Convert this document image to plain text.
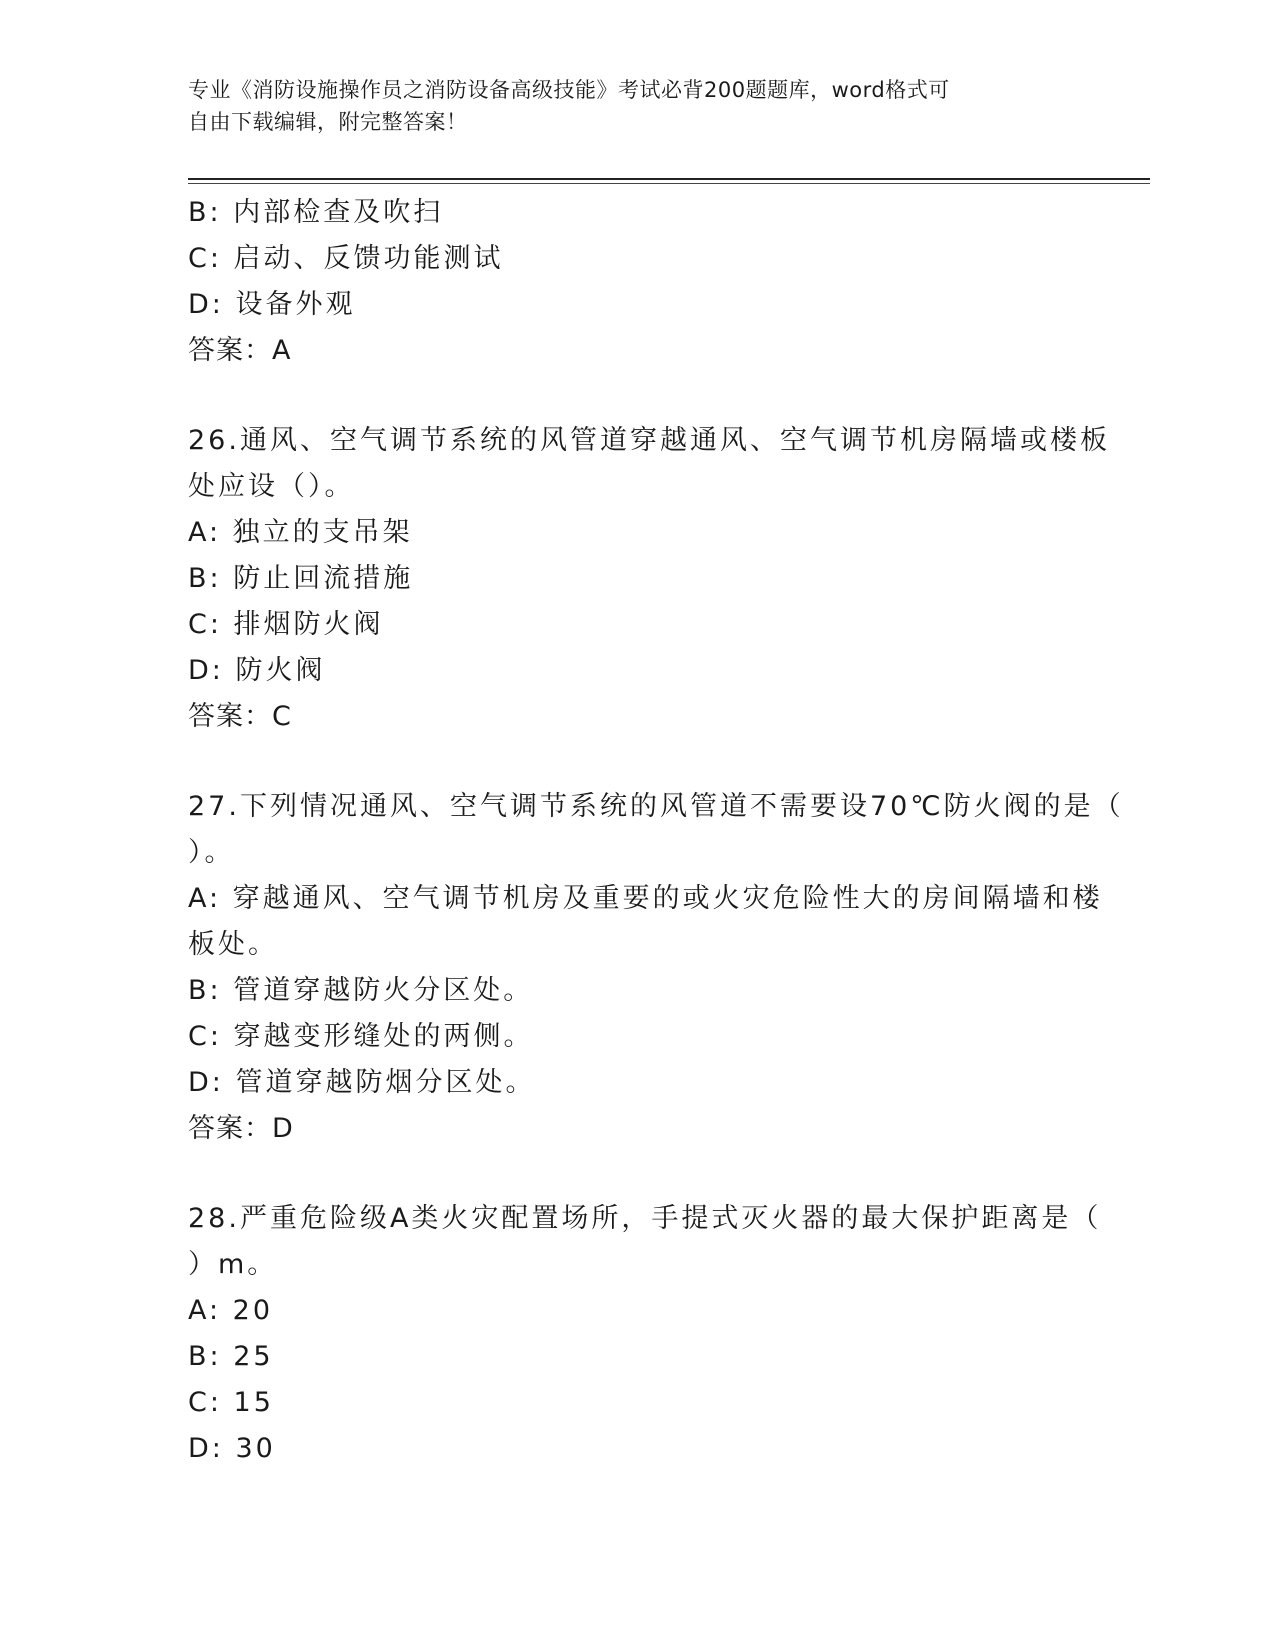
专业《消防设施操作员之消防设备高级技能》考试必背200题题库，word格式可
自由下载编辑，附完整答案！
B: 内部检查及吹扫
C: 启动、反馈功能测试
D: 设备外观
答案：A
26.通风、空气调节系统的风管道穿越通风、空气调节机房隔墙或楼板
处应设（）。
A: 独立的支吊架
B: 防止回流措施
C: 排烟防火阀
D: 防火阀
答案：C
27.下列情况通风、空气调节系统的风管道不需要设70℃防火阀的是（
）。
A: 穿越通风、空气调节机房及重要的或火灾危险性大的房间隔墙和楼
板处。
B: 管道穿越防火分区处。
C: 穿越变形缝处的两侧。
D: 管道穿越防烟分区处。
答案：D
28.严重危险级A类火灾配置场所，手提式灭火器的最大保护距离是（
）m。
A: 20
B: 25
C: 15
D: 30
